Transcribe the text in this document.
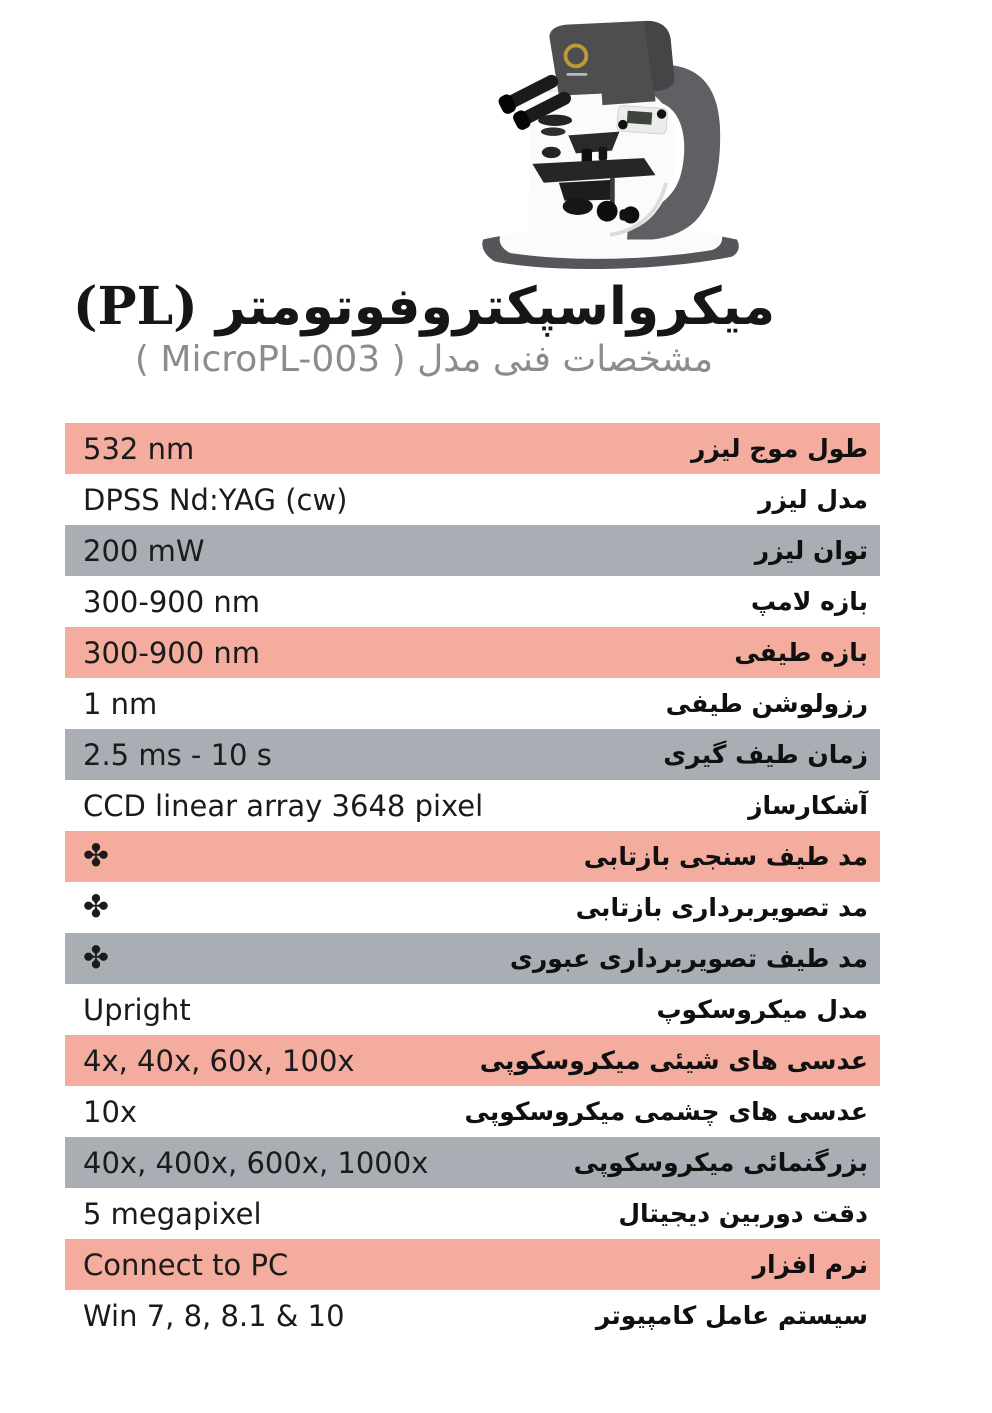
میکرواسپکتروفوتومتر (PL)
مشخصات فنی مدل ( MicroPL-003 )
طول موج لیزر
532 nm
مدل لیزر
DPSS Nd:YAG (cw)
توان لیزر
200 mW
بازه لامپ
300-900 nm
بازه طیفی
300-900 nm
رزولوشن طیفی
1 nm
زمان طیف گیری
2.5 ms - 10 s
آشکارساز
CCD linear array 3648 pixel
مد طیف سنجی بازتابی
✤
مد تصویربرداری بازتابی
✤
مد طیف تصویربرداری عبوری
✤
مدل میکروسکوپ
Upright
عدسی های شیئی میکروسکوپی
4x, 40x, 60x, 100x
عدسی های چشمی میکروسکوپی
10x
بزرگنمائی میکروسکوپی
40x, 400x, 600x, 1000x
دقت دوربین دیجیتال
5 megapixel
نرم افزار
Connect to PC
سیستم عامل کامپیوتر
Win 7, 8, 8.1 & 10
